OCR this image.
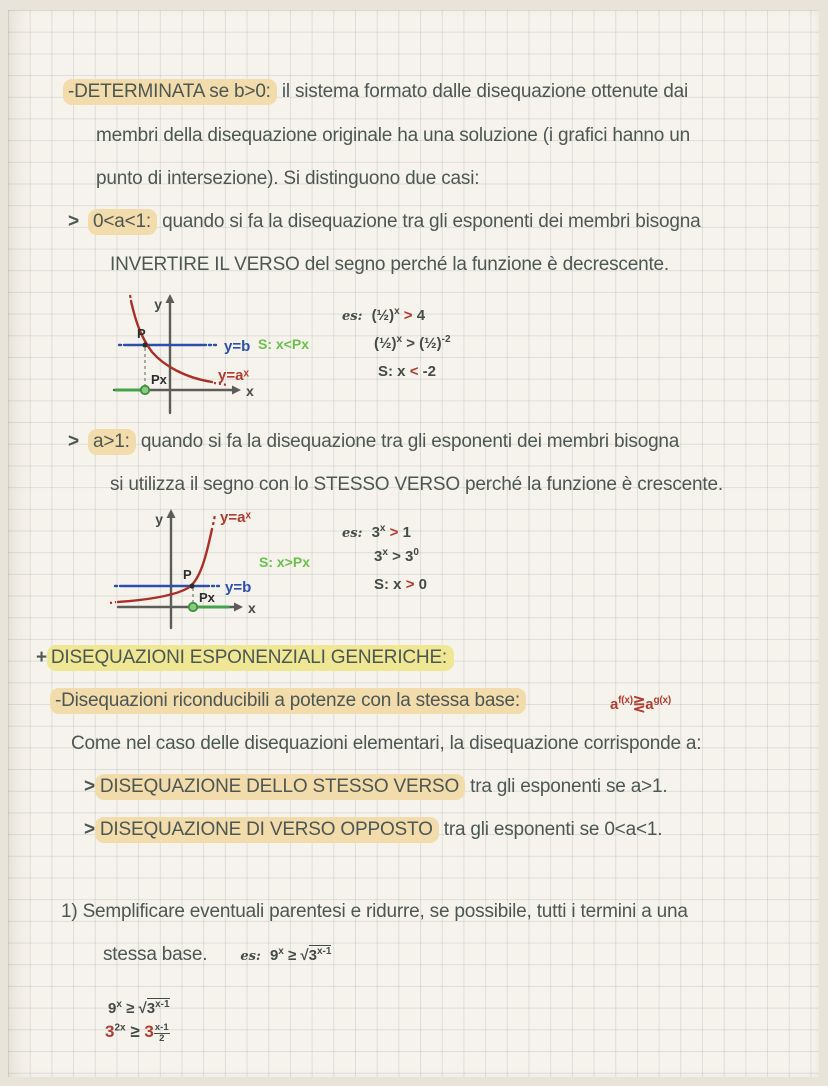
-DETERMINATA se b>0: il sistema formato dalle disequazione ottenute dai
membri della disequazione originale ha una soluzione (i grafici hanno un
punto di intersezione). Si distinguono due casi:
> 0<a<1: quando si fa la disequazione tra gli esponenti dei membri bisogna
INVERTIRE IL VERSO del segno perché la funzione è decrescente.
y
x
P
Px
y=b
y=aˣ
S: x<Px
es: (½)$^x$ > 4
(½)$^x$ > (½)$^{-2}$
S: x < -2
> a>1: quando si fa la disequazione tra gli esponenti dei membri bisogna
si utilizza il segno con lo STESSO VERSO perché la funzione è crescente.
y
x
P
Px
y=b
y=aˣ
S: x>Px
es: $3^x > 1$
$3^x > 3^0$
S: x > 0
+ DISEQUAZIONI ESPONENZIALI GENERICHE:
-Disequazioni riconducibili a potenze con la stessa base:	$a^{f(x)}⋛a^{g(x)}$
Come nel caso delle disequazioni elementari, la disequazione corrisponde a:
> DISEQUAZIONE DELLO STESSO VERSO tra gli esponenti se a>1.
> DISEQUAZIONE DI VERSO OPPOSTO tra gli esponenti se 0<a<1.
1) Semplificare eventuali parentesi e ridurre, se possibile, tutti i termini a una
stessa base.	es: $9^x \ge √3^{x-1}$
$9^x \ge √3^{x-1}$
$3^{2x} \ge 3 \frac{x-1}{2}$
